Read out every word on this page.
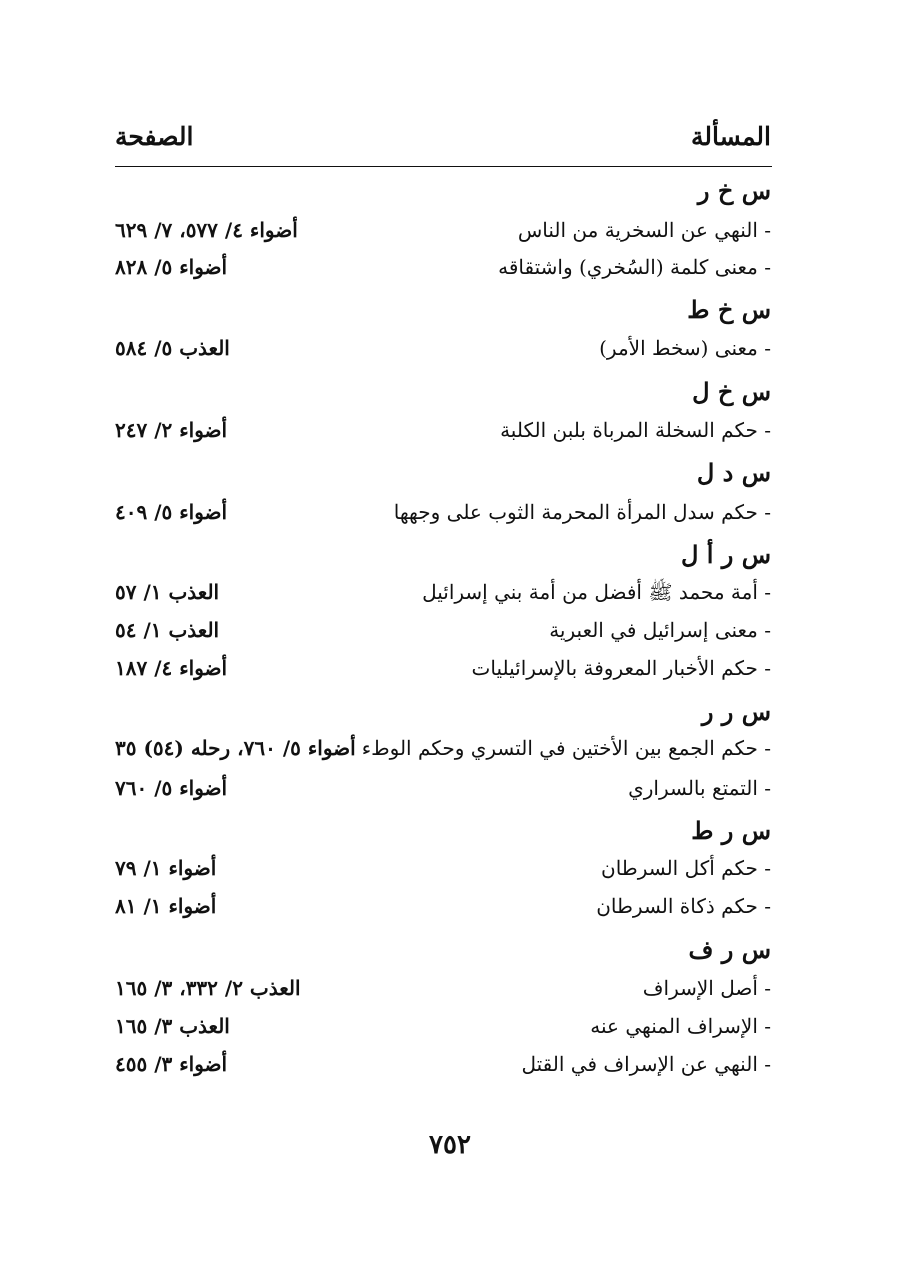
المسألة
الصفحة
س خ ر
- النهي عن السخرية من الناس
أضواء ٤/ ٥٧٧، ٧/ ٦٢٩
- معنى كلمة (السُخري) واشتقاقه
أضواء ٥/ ٨٢٨
س خ ط
- معنى (سخط الأمر)
العذب ٥/ ٥٨٤
س خ ل
- حكم السخلة المرباة بلبن الكلبة
أضواء ٢/ ٢٤٧
س د ل
- حكم سدل المرأة المحرمة الثوب على وجهها
أضواء ٥/ ٤٠٩
س ر أ ل
- أمة محمد ﷺ أفضل من أمة بني إسرائيل
العذب ١/ ٥٧
- معنى إسرائيل في العبرية
العذب ١/ ٥٤
- حكم الأخبار المعروفة بالإسرائيليات
أضواء ٤/ ١٨٧
س ر ر
- حكم الجمع بين الأختين في التسري وحكم الوطء
أضواء ٥/ ٧٦٠، رحله (٥٤) ٣٥
- التمتع بالسراري
أضواء ٥/ ٧٦٠
س ر ط
- حكم أكل السرطان
أضواء ١/ ٧٩
- حكم ذكاة السرطان
أضواء ١/ ٨١
س ر ف
- أصل الإسراف
العذب ٢/ ٣٣٢، ٣/ ١٦٥
- الإسراف المنهي عنه
العذب ٣/ ١٦٥
- النهي عن الإسراف في القتل
أضواء ٣/ ٤٥٥
٧٥٢
